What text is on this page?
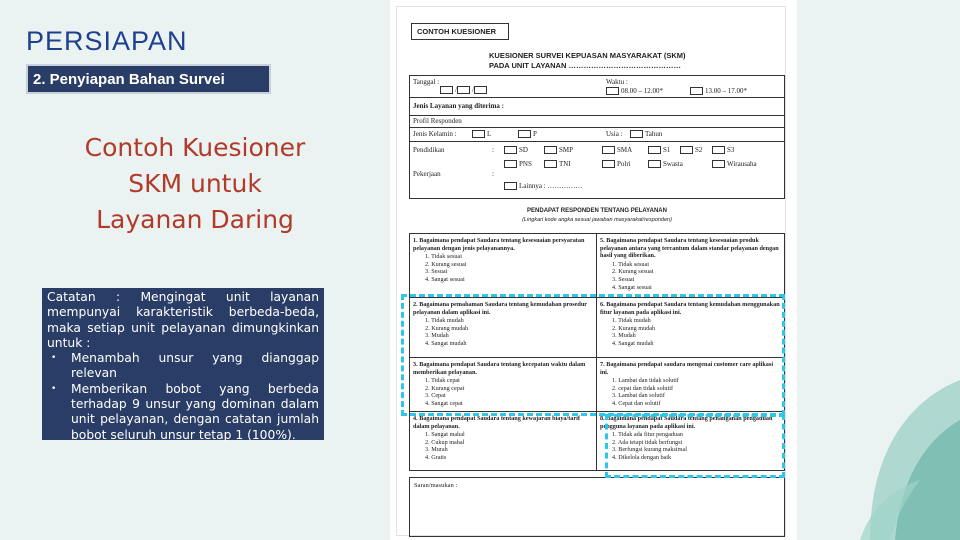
PERSIAPAN
2. Penyiapan Bahan Survei
Contoh Kuesioner
SKM untuk
Layanan Daring
Catatan : Mengingat unit layanan mempunyai karakteristik berbeda-beda, maka setiap unit pelayanan dimungkinkan untuk :
• Menambah unsur yang dianggap relevan
• Memberikan bobot yang berbeda terhadap 9 unsur yang dominan dalam unit pelayanan, dengan catatan jumlah bobot seluruh unsur tetap 1 (100%).
CONTOH KUESIONER
KUESIONER SURVEI KEPUASAN MASYARAKAT (SKM)
PADA UNIT LAYANAN ………………………………………
Tanggal :
/ /
Waktu :
08.00 – 12.00*	13.00 – 17.00*
Jenis Layanan yang diterima :
Profil Responden
Jenis Kelamin :	L	P	Usia :	Tahun
Pendidikan	:	SD	SMP	SMA	S1	S2	S3
PNS	TNI	Polri	Swasta	Wirausaha
Pekerjaan	:
Lainnya : ……………
PENDAPAT RESPONDEN TENTANG PELAYANAN
(Lingkari kode angka sesuai jawaban masyarakat/responden)
1. Bagaimana pendapat Saudara tentang kesesuaian persyaratan pelayanan dengan jenis pelayanannya.
1. Tidak sesuai
2. Kurang sesuai
3. Sesuai
4. Sangat sesuai
5. Bagaimana pendapat Saudara tentang kesesuaian produk pelayanan antara yang tercantum dalam standar pelayanan dengan hasil yang diberikan.
1. Tidak sesuai
2. Kurang sesuai
3. Sesuai
4. Sangat sesuai
2. Bagaimana pemahaman Saudara tentang kemudahan prosedur pelayanan dalam aplikasi ini.
1. Tidak mudah
2. Kurang mudah
3. Mudah
4. Sangat mudah
6. Bagaimana pendapat Saudara tentang kemudahan menggunakan fitur layanan pada aplikasi ini.
1. Tidak mudah
2. Kurang mudah
3. Mudah
4. Sangat mudah
3. Bagaimana pendapat Saudara tentang kecepatan waktu dalam memberikan pelayanan.
1. Tidak cepat
2. Kurang cepat
3. Cepat
4. Sangat cepat
7. Bagaimana pendapat saudara mengenai customer care aplikasi ini.
1. Lambat dan tidak solutif
2. cepat dan tidak solutif
3. Lambat dan solutif
4. Cepat dan solutif
4. Bagaimana pendapat Saudara tentang kewajaran biaya/tarif dalam pelayanan.
1. Sangat mahal
2. Cukup mahal
3. Murah
4. Gratis
8. Bagaimana pendapat Saudara tentang penanganan pengaduan pengguna layanan pada aplikasi ini.
1. Tidak ada fitur pengaduan
2. Ada tetapi tidak berfungsi
3. Berfungsi kurang maksimal
4. Dikelola dengan baik
Saran/masukan :
